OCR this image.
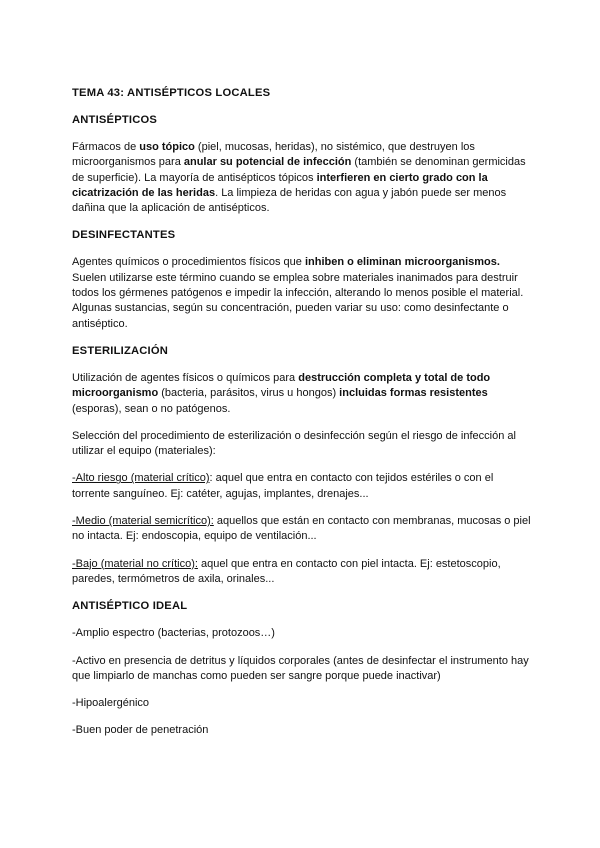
TEMA 43: ANTISÉPTICOS LOCALES
ANTISÉPTICOS
Fármacos de uso tópico (piel, mucosas, heridas), no sistémico, que destruyen los microorganismos para anular su potencial de infección (también se denominan germicidas de superficie). La mayoría de antisépticos tópicos interfieren en cierto grado con la cicatrización de las heridas. La limpieza de heridas con agua y jabón puede ser menos dañina que la aplicación de antisépticos.
DESINFECTANTES
Agentes químicos o procedimientos físicos que inhiben o eliminan microorganismos. Suelen utilizarse este término cuando se emplea sobre materiales inanimados para destruir todos los gérmenes patógenos e impedir la infección, alterando lo menos posible el material. Algunas sustancias, según su concentración, pueden variar su uso: como desinfectante o antiséptico.
ESTERILIZACIÓN
Utilización de agentes físicos o químicos para destrucción completa y total de todo microorganismo (bacteria, parásitos, virus u hongos) incluidas formas resistentes (esporas), sean o no patógenos.
Selección del procedimiento de esterilización o desinfección según el riesgo de infección al utilizar el equipo (materiales):
-Alto riesgo (material crítico): aquel que entra en contacto con tejidos estériles o con el torrente sanguíneo. Ej: catéter, agujas, implantes, drenajes...
-Medio (material semicrítico): aquellos que están en contacto con membranas, mucosas o piel no intacta. Ej: endoscopia, equipo de ventilación...
-Bajo (material no crítico): aquel que entra en contacto con piel intacta. Ej: estetoscopio, paredes, termómetros de axila, orinales...
ANTISÉPTICO IDEAL
-Amplio espectro (bacterias, protozoos…)
-Activo en presencia de detritus y líquidos corporales (antes de desinfectar el instrumento hay que limpiarlo de manchas como pueden ser sangre porque puede inactivar)
-Hipoalergénico
-Buen poder de penetración
